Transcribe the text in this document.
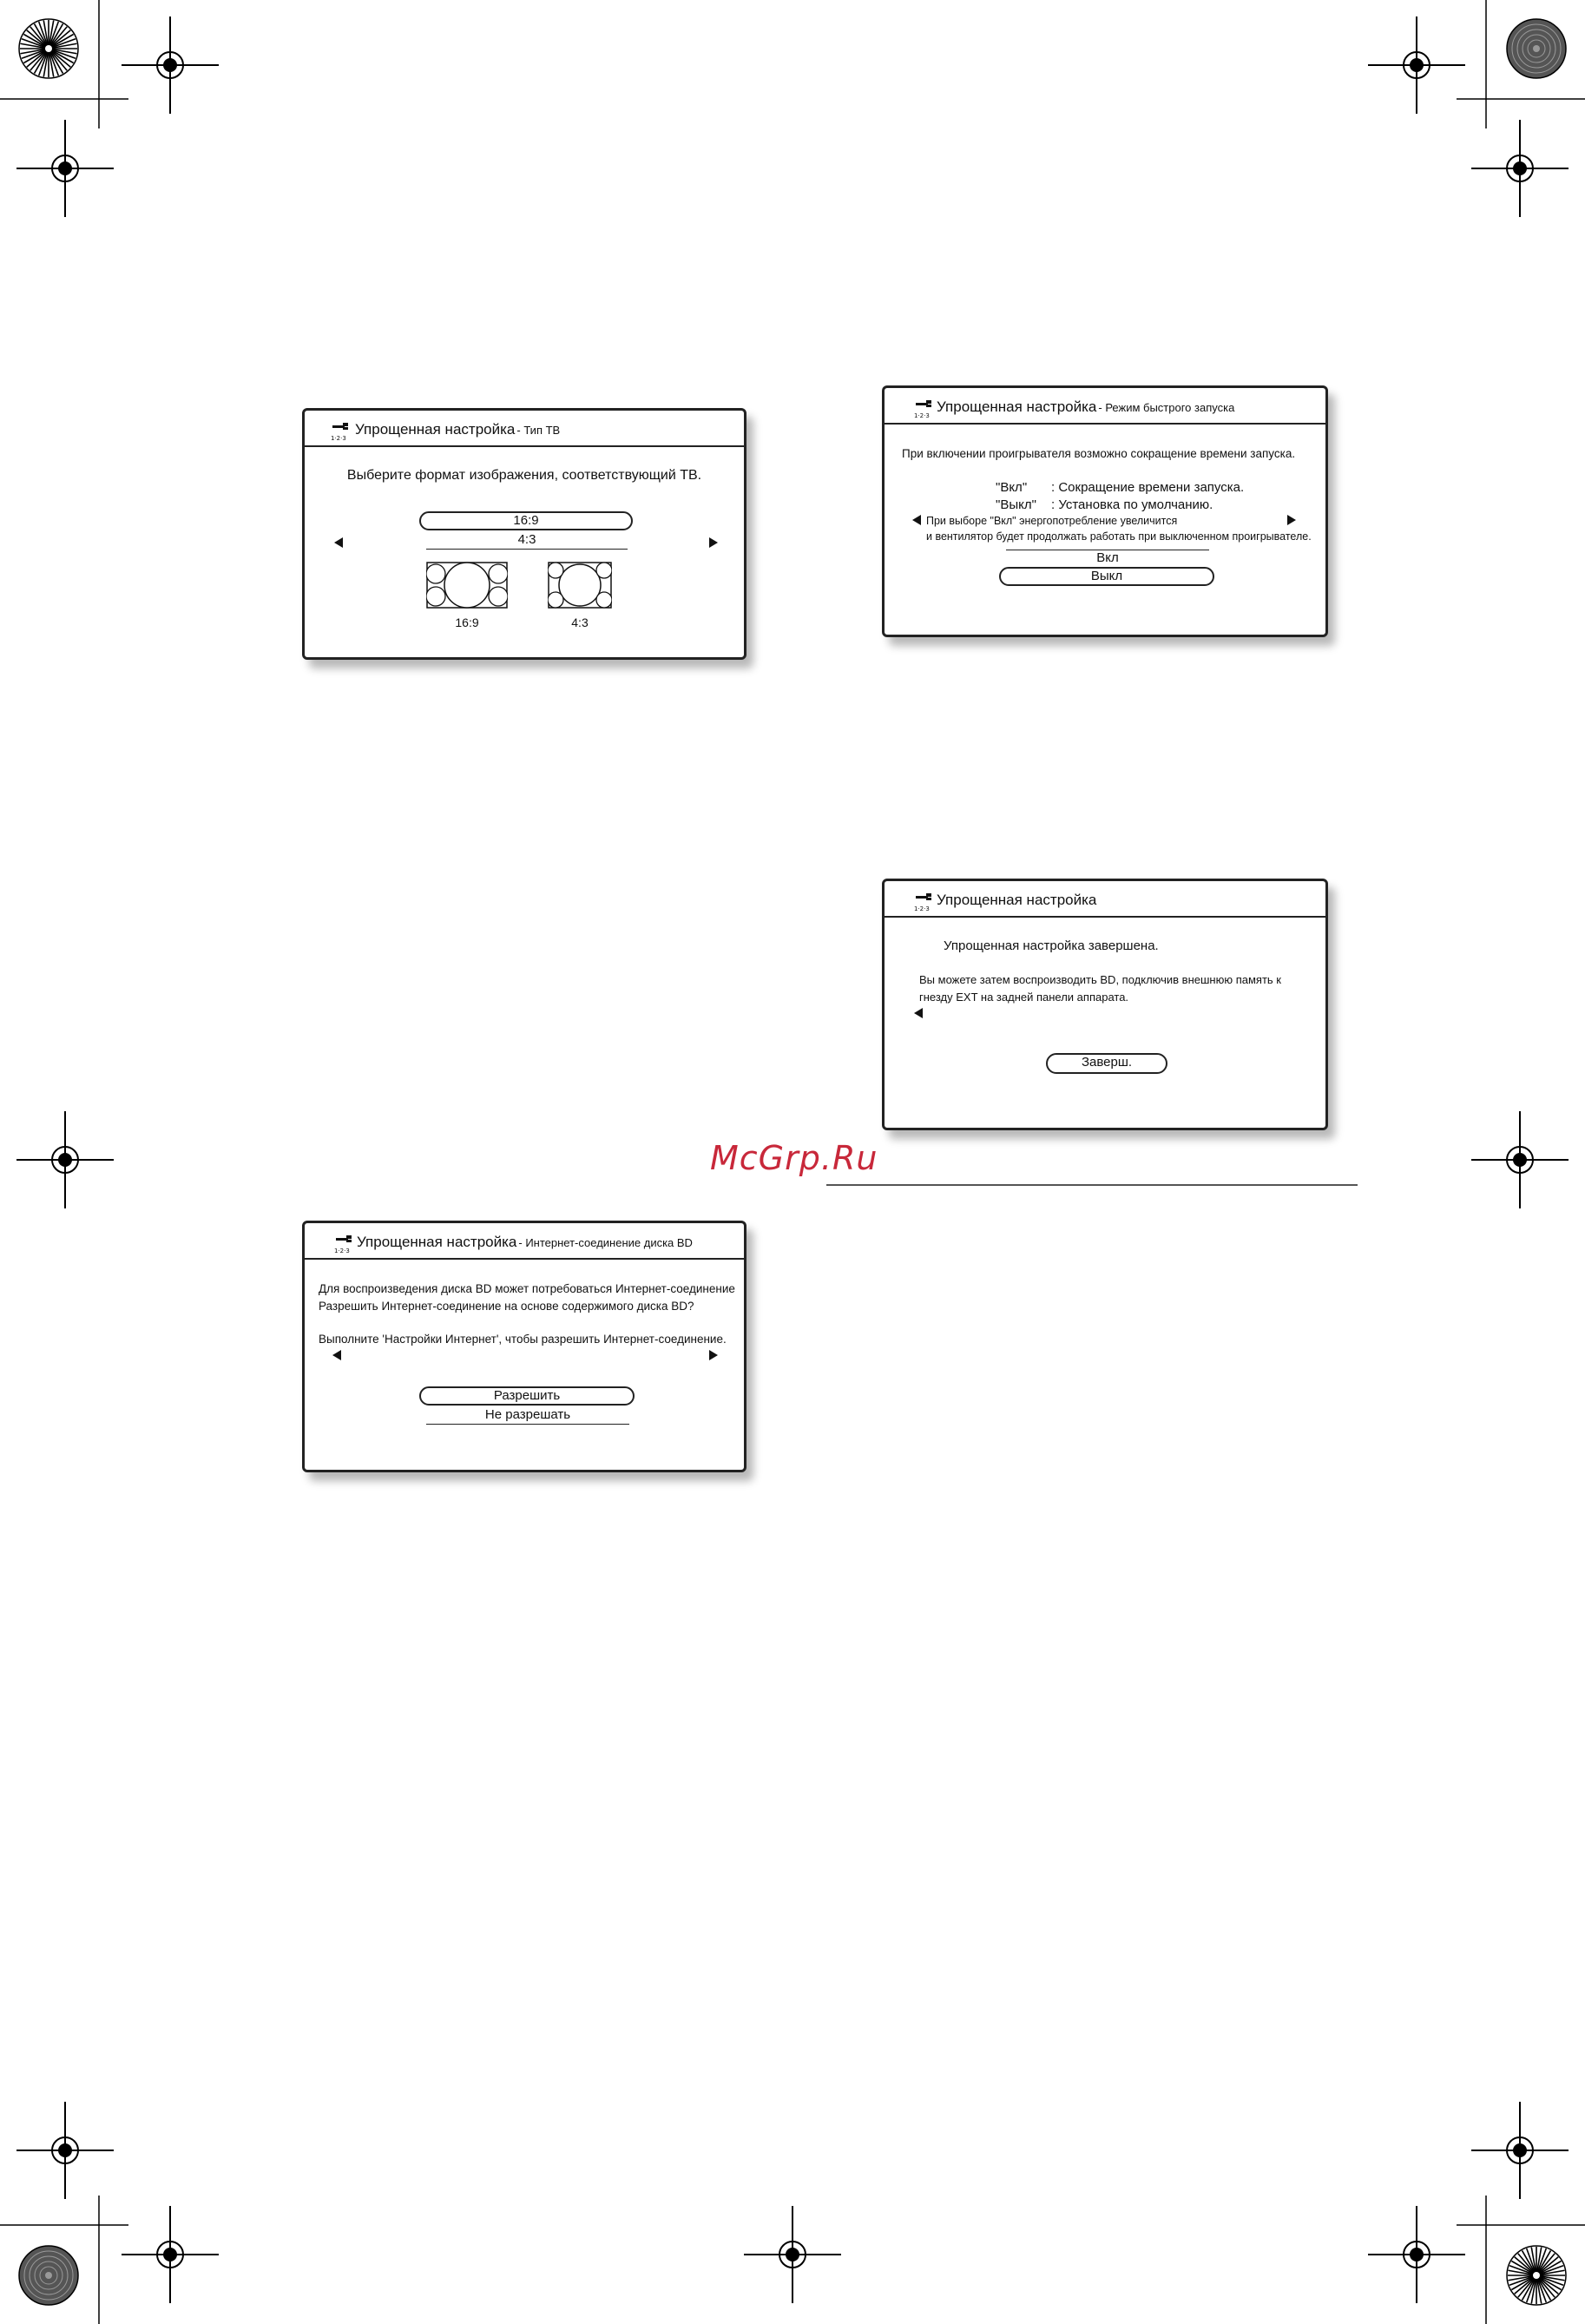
1·2·3
Упрощенная настройка - Тип ТВ
Выберите формат изображения, соответствующий ТВ.
16:9
4:3
16:9	4:3
1·2·3
Упрощенная настройка - Режим быстрого запуска
При включении проигрывателя возможно сокращение времени запуска.
"Вкл" : Сокращение времени запуска.
"Выкл" : Установка по умолчанию.
При выборе "Вкл" энергопотребление увеличится
и вентилятор будет продолжать работать при выключенном проигрывателе.
Вкл
Выкл
1·2·3
Упрощенная настройка
Упрощенная настройка завершена.
Вы можете затем воспроизводить BD, подключив внешнюю память к
гнезду EXT на задней панели аппарата.
Заверш.
McGrp.Ru
1·2·3
Упрощенная настройка - Интернет-соединение диска BD
Для воспроизведения диска BD может потребоваться Интернет-соединение
Разрешить Интернет-соединение на основе содержимого диска BD?
Выполните 'Настройки Интернет', чтобы разрешить Интернет-соединение.
Разрешить
Не разрешать
